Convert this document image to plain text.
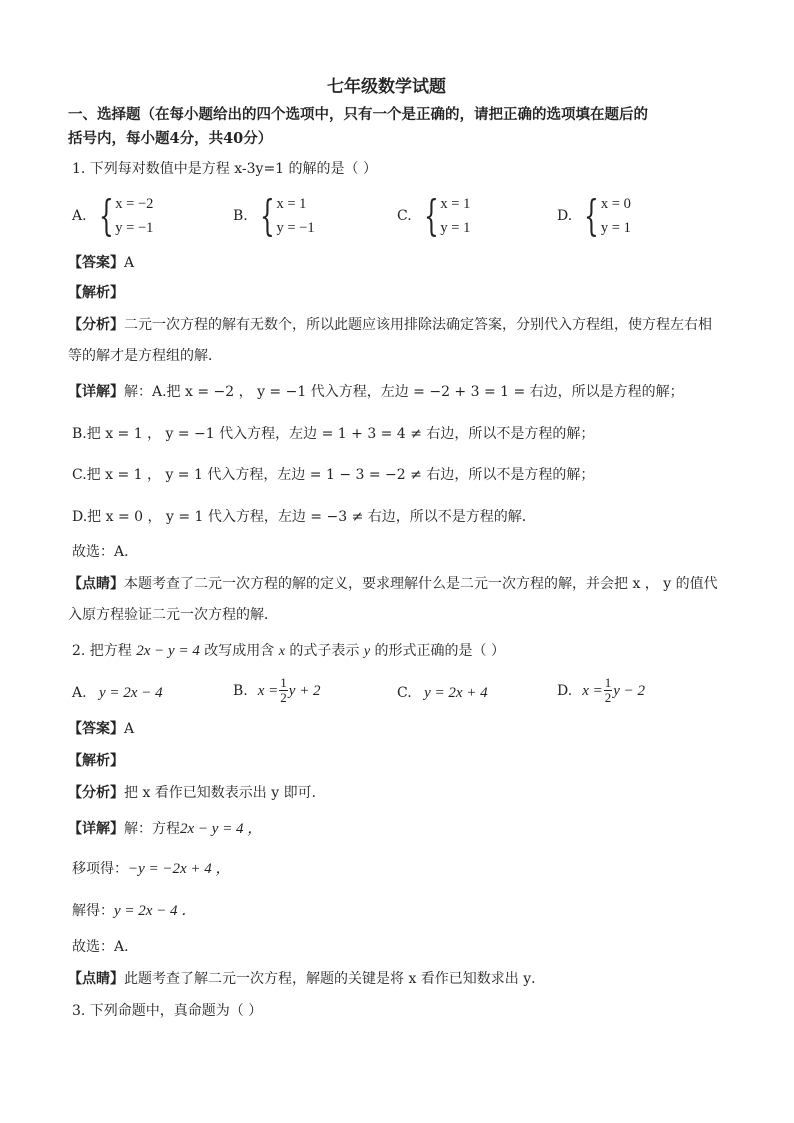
七年级数学试题
一、选择题（在每小题给出的四个选项中，只有一个是正确的，请把正确的选项填在题后的
括号内，每小题4分，共40分）
1. 下列每对数值中是方程 x-3y=1 的解的是（ ）
A. { x = −2
y = −1
B. { x = 1
y = −1
C. { x = 1
y = 1
D. { x = 0
y = 1
【答案】A
【解析】
【分析】二元一次方程的解有无数个，所以此题应该用排除法确定答案，分别代入方程组，使方程左右相
等的解才是方程组的解．
【详解】解：A.把 x = −2 ， y = −1 代入方程，左边 = −2 + 3 = 1 = 右边，所以是方程的解；
B.把 x = 1 ， y = −1 代入方程，左边 = 1 + 3 = 4 ≠ 右边，所以不是方程的解；
C.把 x = 1 ， y = 1 代入方程，左边 = 1 − 3 = −2 ≠ 右边，所以不是方程的解；
D.把 x = 0 ， y = 1 代入方程，左边 = −3 ≠ 右边，所以不是方程的解．
故选：A．
【点睛】本题考查了二元一次方程的解的定义，要求理解什么是二元一次方程的解，并会把 x ， y 的值代
入原方程验证二元一次方程的解．
2. 把方程 2x − y = 4 改写成用含 x 的式子表示 y 的形式正确的是（ ）
A. y = 2x − 4	B. $x = \frac{1}{2}$ y + 2	C. y = 2x + 4	D. $x = \frac{1}{2}$ y − 2
【答案】A
【解析】
【分析】把 x 看作已知数表示出 y 即可．
【详解】解：方程2x − y = 4 ，
移项得：−y = −2x + 4 ，
解得：y = 2x − 4 ．
故选：A．
【点睛】此题考查了解二元一次方程，解题的关键是将 x 看作已知数求出 y．
3. 下列命题中，真命题为（ ）
